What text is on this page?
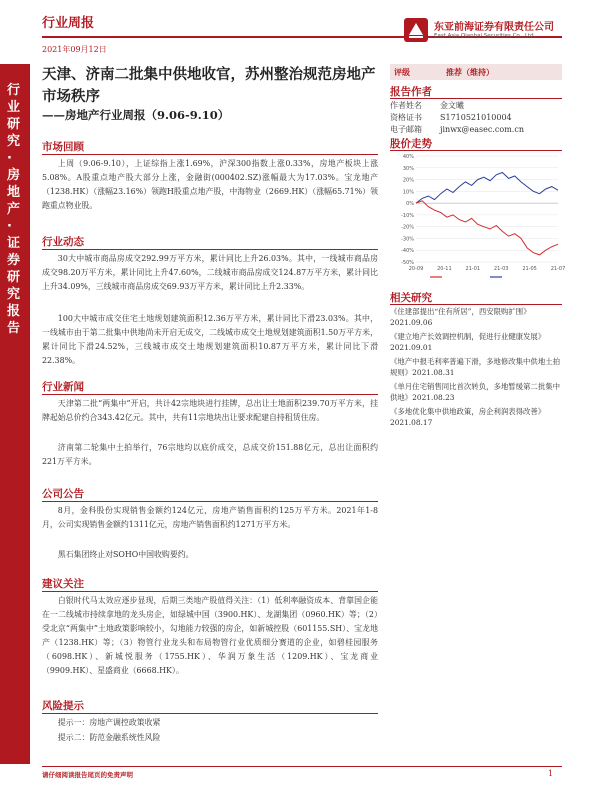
行业周报
2021年09月12日
东亚前海证券有限责任公司
East Asia Qianhai Securities Co., Ltd.
行业研究·房地产·证券研究报告
天津、济南二批集中供地收官，苏州整治规范房地产市场秩序
——房地产行业周报（9.06-9.10）
市场回顾
上周（9.06-9.10），上证综指上涨1.69%，沪深300指数上涨0.33%，房地产板块上涨5.08%。A股重点地产股大部分上涨，金融街(000402.SZ)涨幅最大为17.03%。宝龙地产（1238.HK）（涨幅23.16%）领跑H股重点地产股，中海物业（2669.HK）（涨幅65.71%）领跑重点物业股。
行业动态
30大中城市商品房成交292.99万平方米，累计同比上升26.03%。其中，一线城市商品房成交98.20万平方米，累计同比上升47.60%，二线城市商品房成交124.87万平方米，累计同比上升34.09%，三线城市商品房成交69.93万平方米，累计同比上升2.33%。
100大中城市成交住宅土地规划建筑面积12.36万平方米，累计同比下滑23.03%。其中，一线城市由于第二批集中供地尚未开启无成交，二线城市成交土地规划建筑面积1.50万平方米，累计同比下滑24.52%，三线城市成交土地规划建筑面积10.87万平方米，累计同比下滑22.38%。
行业新闻
天津第二批“两集中”开启，共计42宗地块进行挂牌，总出让土地面积239.70万平方米，挂牌起始总价约合343.42亿元。其中，共有11宗地块出让要求配建自持租赁住房。
济南第二轮集中土拍举行，76宗地均以底价成交，总成交价151.88亿元，总出让面积约221万平方米。
公司公告
8月，金科股份实现销售金额约124亿元，房地产销售面积约125万平方米。2021年1-8月，公司实现销售金额约1311亿元，房地产销售面积约1271万平方米。
黑石集团终止对SOHO中国收购要约。
建议关注
白银时代马太效应逐步显现，后期三类地产股值得关注：（1）低利率融资成本、背靠国企能在一二线城市持续拿地的龙头房企，如绿城中国（3900.HK）、龙湖集团（0960.HK）等；（2）受北京“两集中”土地政策影响较小，勾地能力较强的房企，如新城控股（601155.SH）、宝龙地产（1238.HK）等；（3）物管行业龙头和布局物管行业优质细分赛道的企业，如碧桂园服务（6098.HK）、新城悦服务（1755.HK）、华润万象生活（1209.HK）、宝龙商业（9909.HK）、星盛商业（6668.HK）。
风险提示
提示一：房地产调控政策收紧
提示二：防范金融系统性风险
评级	推荐（维持）
报告作者
作者姓名	金文曦
资格证书	S1710521010004
电子邮箱	jinwx@easec.com.cn
股价走势
40%
30%
20%
10%
0%
-10%
-20%
-30%
-40%
-50%
20-09	20-11	21-01	21-03	21-05	21-07
相关研究
《住建部提出“住有所居”，西安限购扩围》2021.09.06
《建立地产长效调控机制，促进行业健康发展》2021.09.01
《地产中报毛利率普遍下滑，多地修改集中供地土拍规则》2021.08.31
《单月住宅销售同比首次转负，多地暂缓第二批集中供地》2021.08.23
《多地优化集中供地政策，房企利润表得改善》2021.08.17
请仔细阅读报告尾页的免责声明	1
